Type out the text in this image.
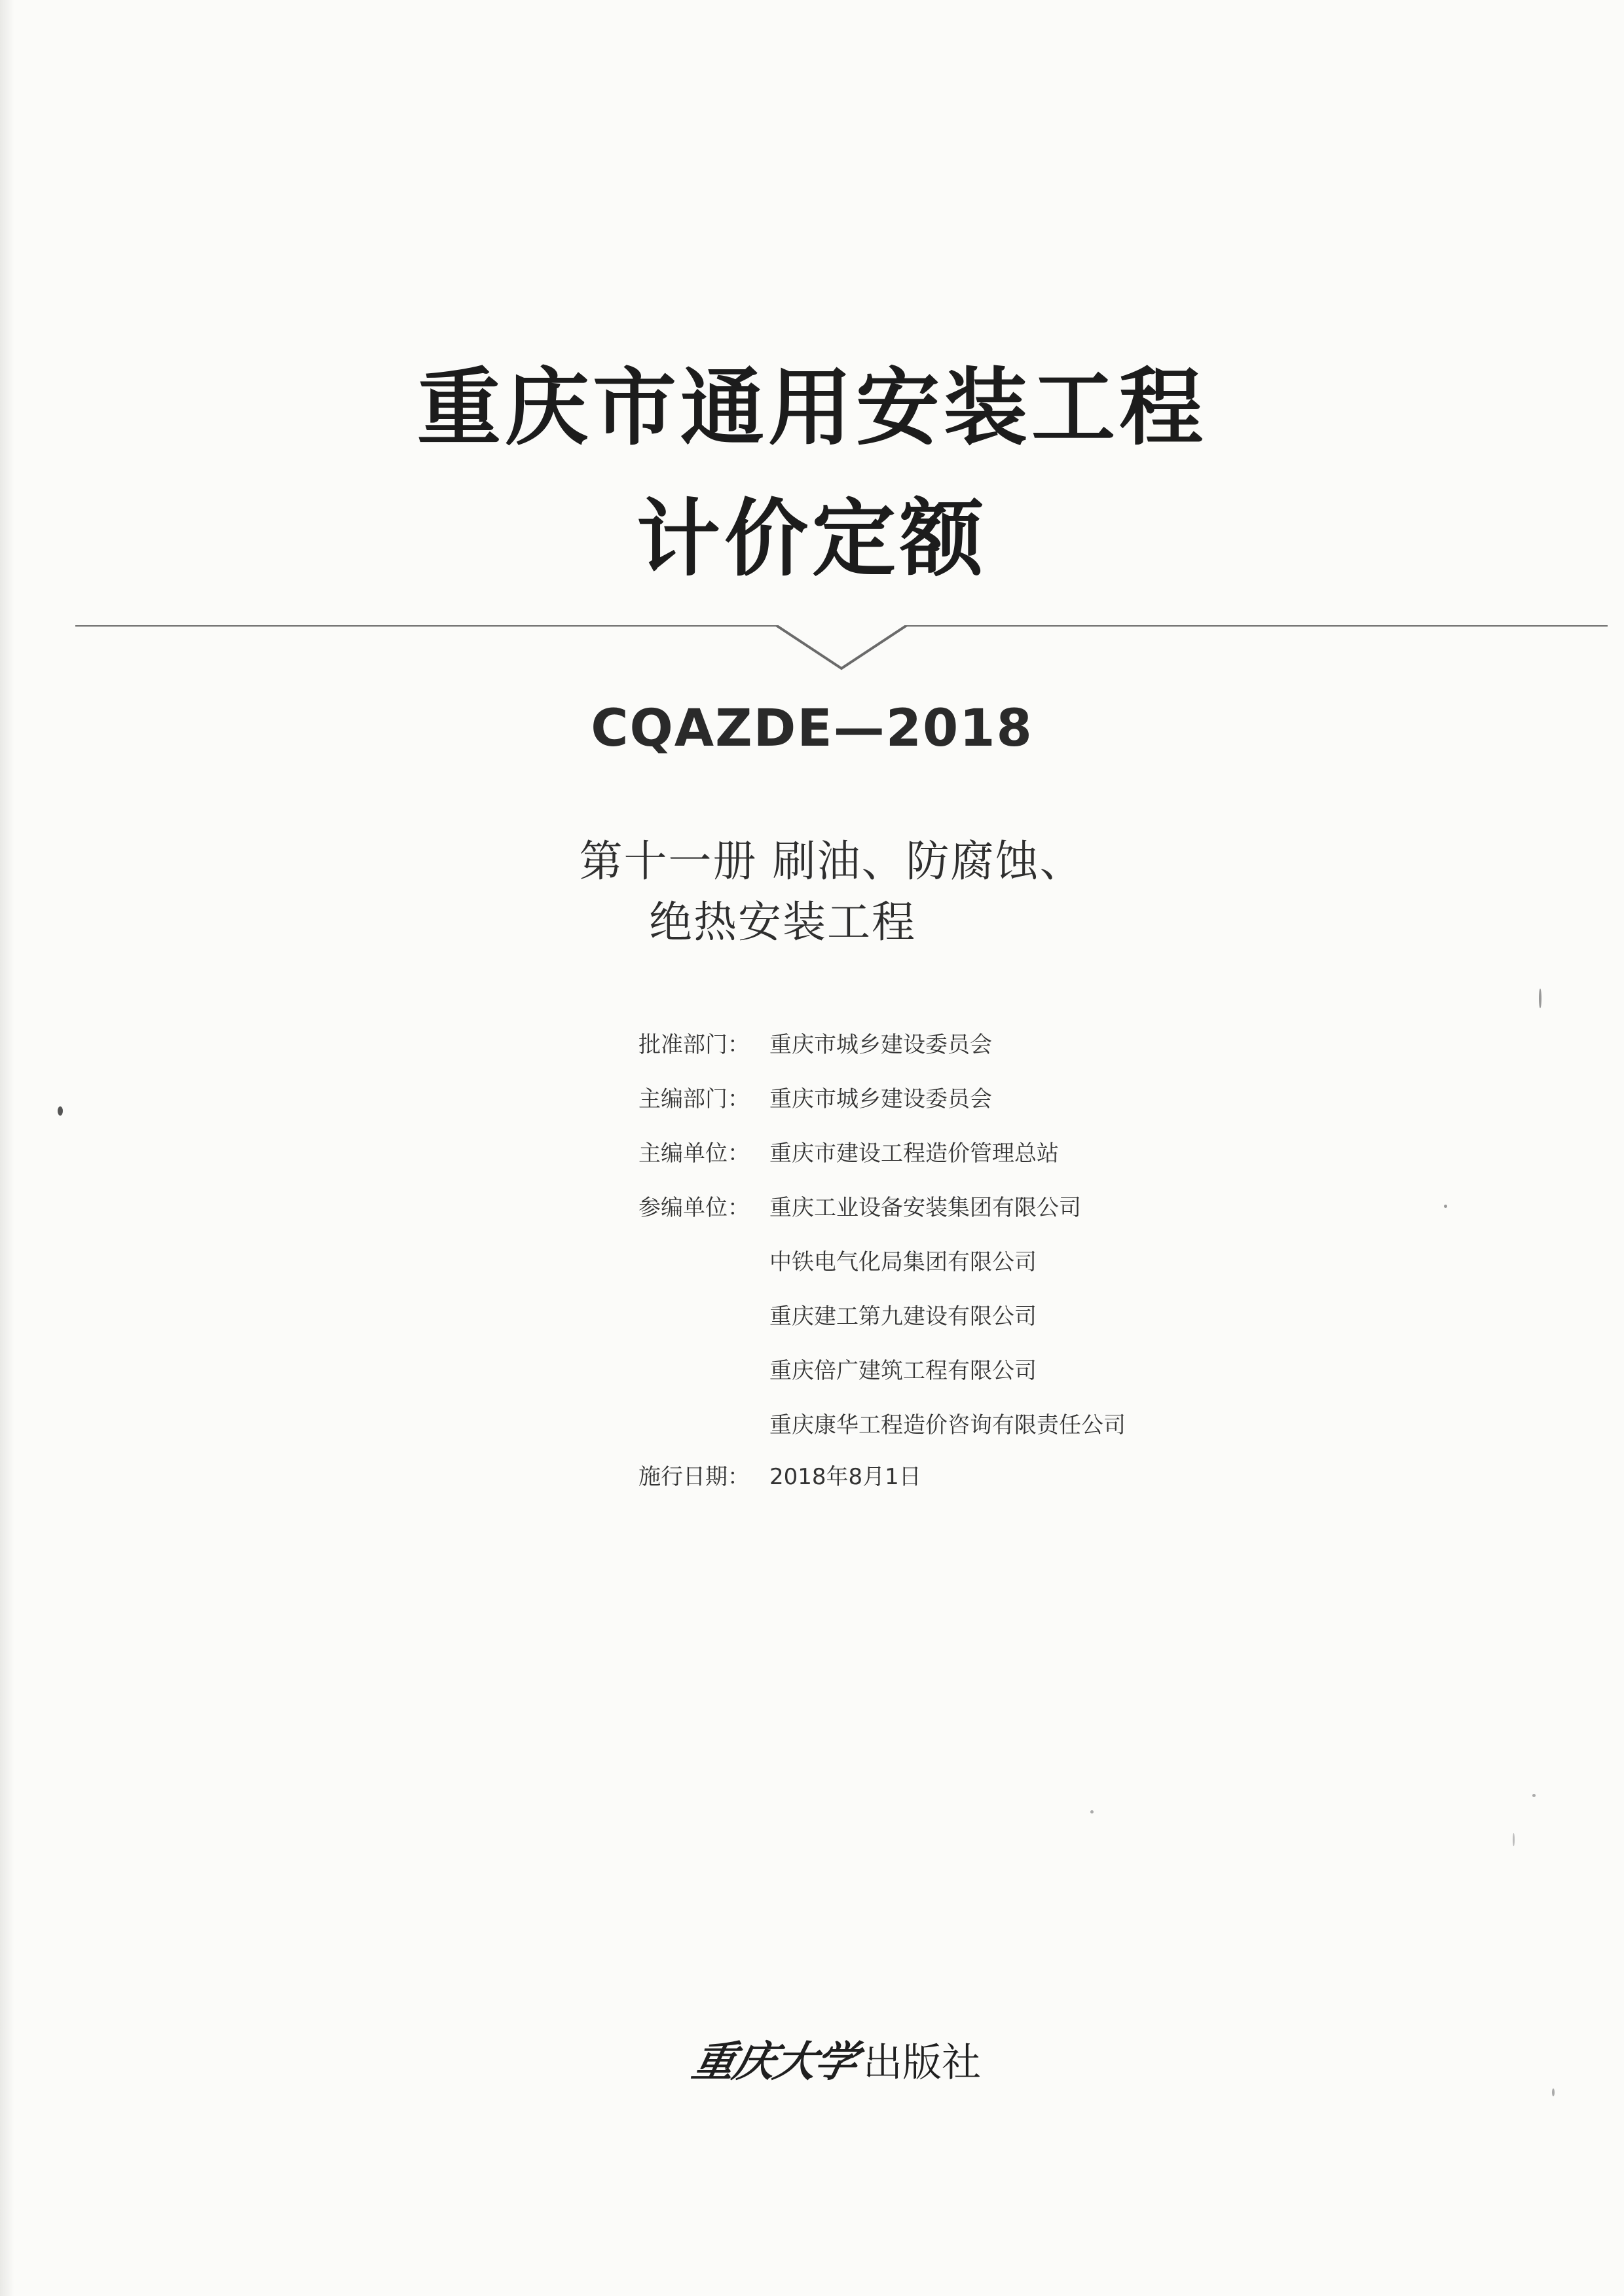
重庆市通用安装工程
计价定额
CQAZDE—2018
第十一册 刷油、防腐蚀、
绝热安装工程
批准部门： 重庆市城乡建设委员会
主编部门： 重庆市城乡建设委员会
主编单位： 重庆市建设工程造价管理总站
参编单位： 重庆工业设备安装集团有限公司
中铁电气化局集团有限公司
重庆建工第九建设有限公司
重庆倍广建筑工程有限公司
重庆康华工程造价咨询有限责任公司
施行日期： 2018年8月1日
重庆大学出版社
